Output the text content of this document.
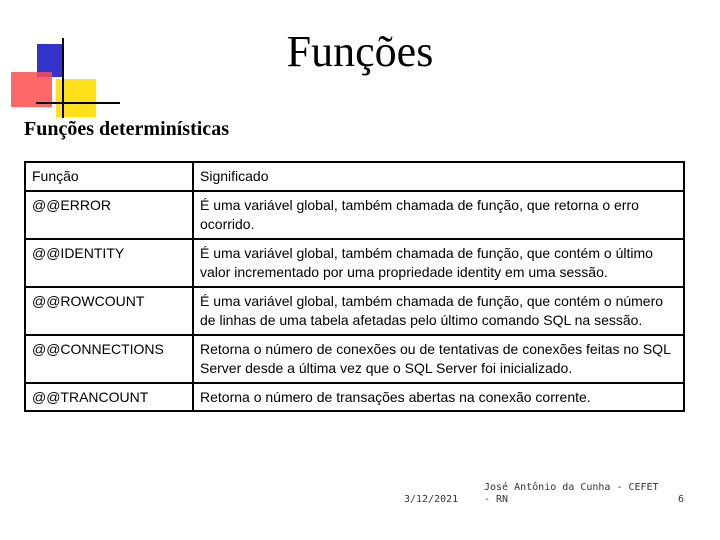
Funções
Funções determinísticas
Função	Significado
@@ERROR	É uma variável global, também chamada de função, que retorna o erro ocorrido.
@@IDENTITY	É uma variável global, também chamada de função, que contém o último valor incrementado por uma propriedade identity em uma sessão.
@@ROWCOUNT	É uma variável global, também chamada de função, que contém o número de linhas de uma tabela afetadas pelo último comando SQL na sessão.
@@CONNECTIONS	Retorna o número de conexões ou de tentativas de conexões feitas no SQL Server desde a última vez que o SQL Server foi inicializado.
@@TRANCOUNT	Retorna o número de transações abertas na conexão corrente.
3/12/2021
José Antônio da Cunha - CEFET - RN	6
